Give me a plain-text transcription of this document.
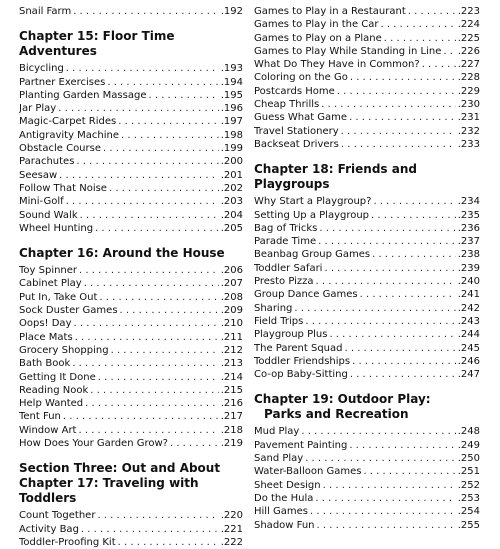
Snail Farm . . .	.192
Chapter 15: Floor Time Adventures
Bicycling . . .	.193
Partner Exercises . . .	.194
Planting Garden Massage . . .	.195
Jar Play . . .	.196
Magic-Carpet Rides . . .	.197
Antigravity Machine . . .	.198
Obstacle Course . . .	.199
Parachutes . . .	.200
Seesaw . . .	.201
Follow That Noise . . .	.202
Mini-Golf . . .	.203
Sound Walk . . .	.204
Wheel Hunting . . .	.205
Chapter 16: Around the House
Toy Spinner . . .	.206
Cabinet Play . . .	.207
Put In, Take Out . . .	.208
Sock Duster Games . . .	.209
Oops! Day . . .	.210
Place Mats . . .	.211
Grocery Shopping . . .	.212
Bath Book . . .	.213
Getting It Done . . .	.214
Reading Nook . . .	.215
Help Wanted . . .	.216
Tent Fun . . .	.217
Window Art . . .	.218
How Does Your Garden Grow? . . .	.219
Section Three: Out and About
Chapter 17: Traveling with Toddlers
Count Together . . .	.220
Activity Bag . . .	.221
Toddler-Proofing Kit . . .	.222
Games to Play in a Restaurant . . .	.223
Games to Play in the Car . . .	.224
Games to Play on a Plane . . .	.225
Games to Play While Standing in Line . . . .226
What Do They Have in Common? . . .	.227
Coloring on the Go . . .	.228
Postcards Home . . .	.229
Cheap Thrills . . .	.230
Guess What Game . . .	.231
Travel Stationery . . .	.232
Backseat Drivers . . .	.233
Chapter 18: Friends and Playgroups
Why Start a Playgroup? . . .	.234
Setting Up a Playgroup . . .	.235
Bag of Tricks . . .	.236
Parade Time . . .	.237
Beanbag Group Games . . .	.238
Toddler Safari . . .	.239
Presto Pizza . . .	.240
Group Dance Games . . .	.241
Sharing . . .	.242
Field Trips . . .	.243
Playgroup Plus . . .	.244
The Parent Squad . . .	.245
Toddler Friendships . . .	.246
Co-op Baby-Sitting . . .	.247
Chapter 19: Outdoor Play:
Parks and Recreation
Mud Play . . .	.248
Pavement Painting . . .	.249
Sand Play . . .	.250
Water-Balloon Games . . .	.251
Sheet Design . . .	.252
Do the Hula . . .	.253
Hill Games . . .	.254
Shadow Fun . . .	.255
